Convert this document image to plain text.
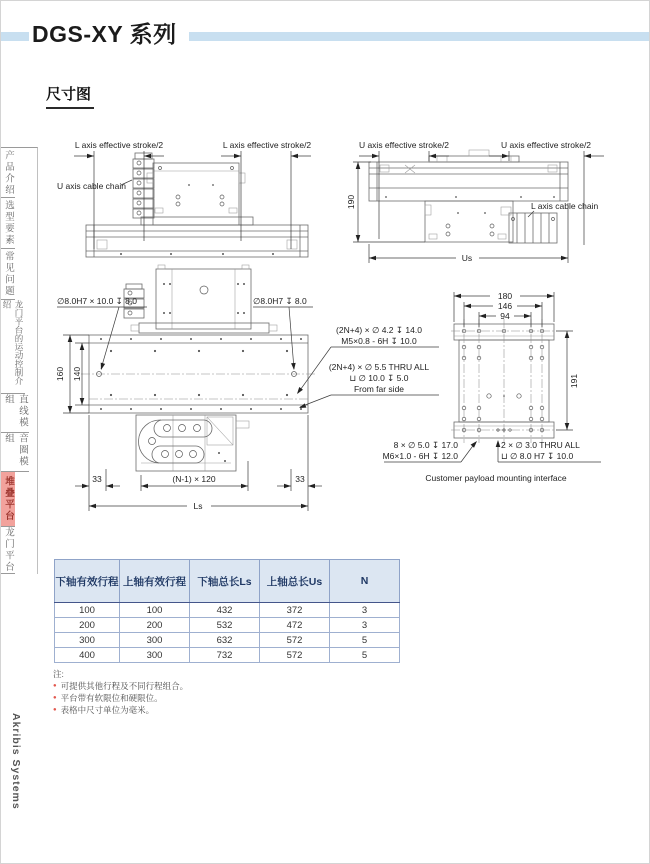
DGS-XY 系列
尺寸图
产品介绍
选型要素
常见问题
龙门平台的运动控制介绍
直线模组
音圈模组
堆叠平台
龙门平台
Akribis Systems
L axis effective stroke/2	L axis effective stroke/2
U axis cable chain
L axis cable chain
190
Us
U axis effective stroke/2	U axis effective stroke/2
160 140
∅8.0H7 × 10.0 ↧ 8.0	∅8.0H7 ↧ 8.0
33	(N-1) × 120	33
Ls
(2N+4) × ∅ 4.2 ↧ 14.0
M5×0.8 - 6H ↧ 10.0
(2N+4) × ∅ 5.5 THRU ALL
⊔ ∅ 10.0 ↧ 5.0
From far side
94
146
180
191
8 × ∅ 5.0 ↧ 17.0
M6×1.0 - 6H ↧ 12.0
2 × ∅ 3.0 THRU ALL
⊔ ∅ 8.0 H7 ↧ 10.0
Customer payload mounting interface
下轴有效行程	上轴有效行程	下轴总长Ls	上轴总长Us	N
100	100	432	372	3
200	200	532	472	3
300	300	632	572	5
400	300	732	572	5
注:
● 可提供其他行程及不同行程组合。
● 平台带有软限位和硬限位。
● 表格中尺寸单位为毫米。
